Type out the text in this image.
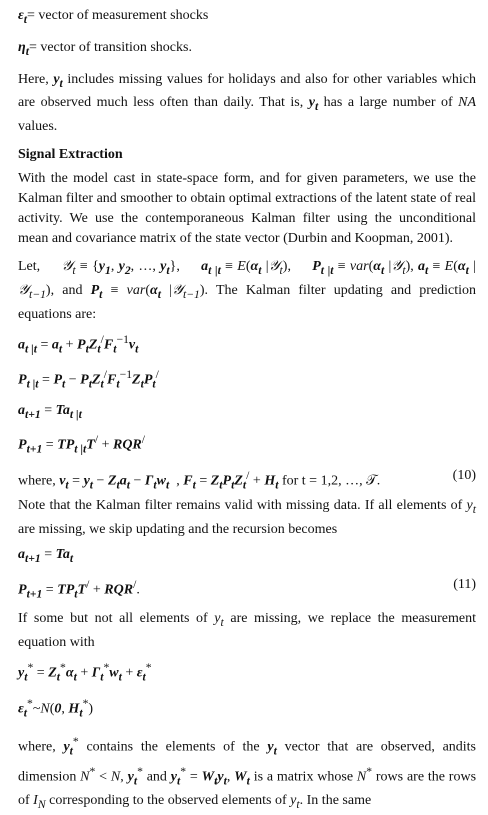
$\varepsilon_t=$ vector of measurement shocks
$\eta_t=$ vector of transition shocks.
Here, $y_t$ includes missing values for holidays and also for other variables which are observed much less often than daily. That is, $y_t$ has a large number of NA values.
Signal Extraction
With the model cast in state-space form, and for given parameters, we use the Kalman filter and smoother to obtain optimal extractions of the latent state of real activity. We use the contemporaneous Kalman filter using the unconditional mean and covariance matrix of the state vector (Durbin and Koopman, 2001).
Let,     𝒴$_t$ ≡ {$y_1$, $y_2$, …, $y_t$},     $a_{t |t} \equiv E(\alpha_t$ |𝒴$_t$),     $P_{t |t} \equiv var(\alpha_t$ |𝒴$_t$), $a_t \equiv E(\alpha_t$ |𝒴$_{t-1}$), and $P_t \equiv var(\alpha_t$ |𝒴$_{t-1}$). The Kalman filter updating and prediction equations are:
$a_{t |t} = a_t + P_tZ_t^/F_t^{-1}v_t$
$P_{t |t} = P_t - P_tZ_t^/F_t^{-1}Z_tP_t^/$
$a_{t+1} = Ta_{t |t}$
$P_{t+1} = TP_{t |t}T^/ + RQR^/$
where, $v_t = y_t - Z_ta_t - \Gamma_tw_t$  , $F_t = Z_tP_tZ_t^/ + H_t$ for t = 1,2, …, 𝒯.	(10)
Note that the Kalman filter remains valid with missing data. If all elements of $y_t$ are missing, we skip updating and the recursion becomes
$a_{t+1} = Ta_t$
$P_{t+1} = TP_tT^/ + RQR^/$.	(11)
If some but not all elements of $y_t$ are missing, we replace the measurement equation with
$y_t^* = Z_t^*\alpha_t + \Gamma_t^*w_t + \varepsilon_t^*$
$\varepsilon_t^*\sim N(0$, $H_t^*$)
where, $y_t^*$ contains the elements of the $y_t$ vector that are observed, andits dimension N* < N, $y_t^*$ and $y_t^* = W_ty_t$, $W_t$ is a matrix whose N* rows are the rows of $I_N$ corresponding to the observed elements of $y_t$. In the same
